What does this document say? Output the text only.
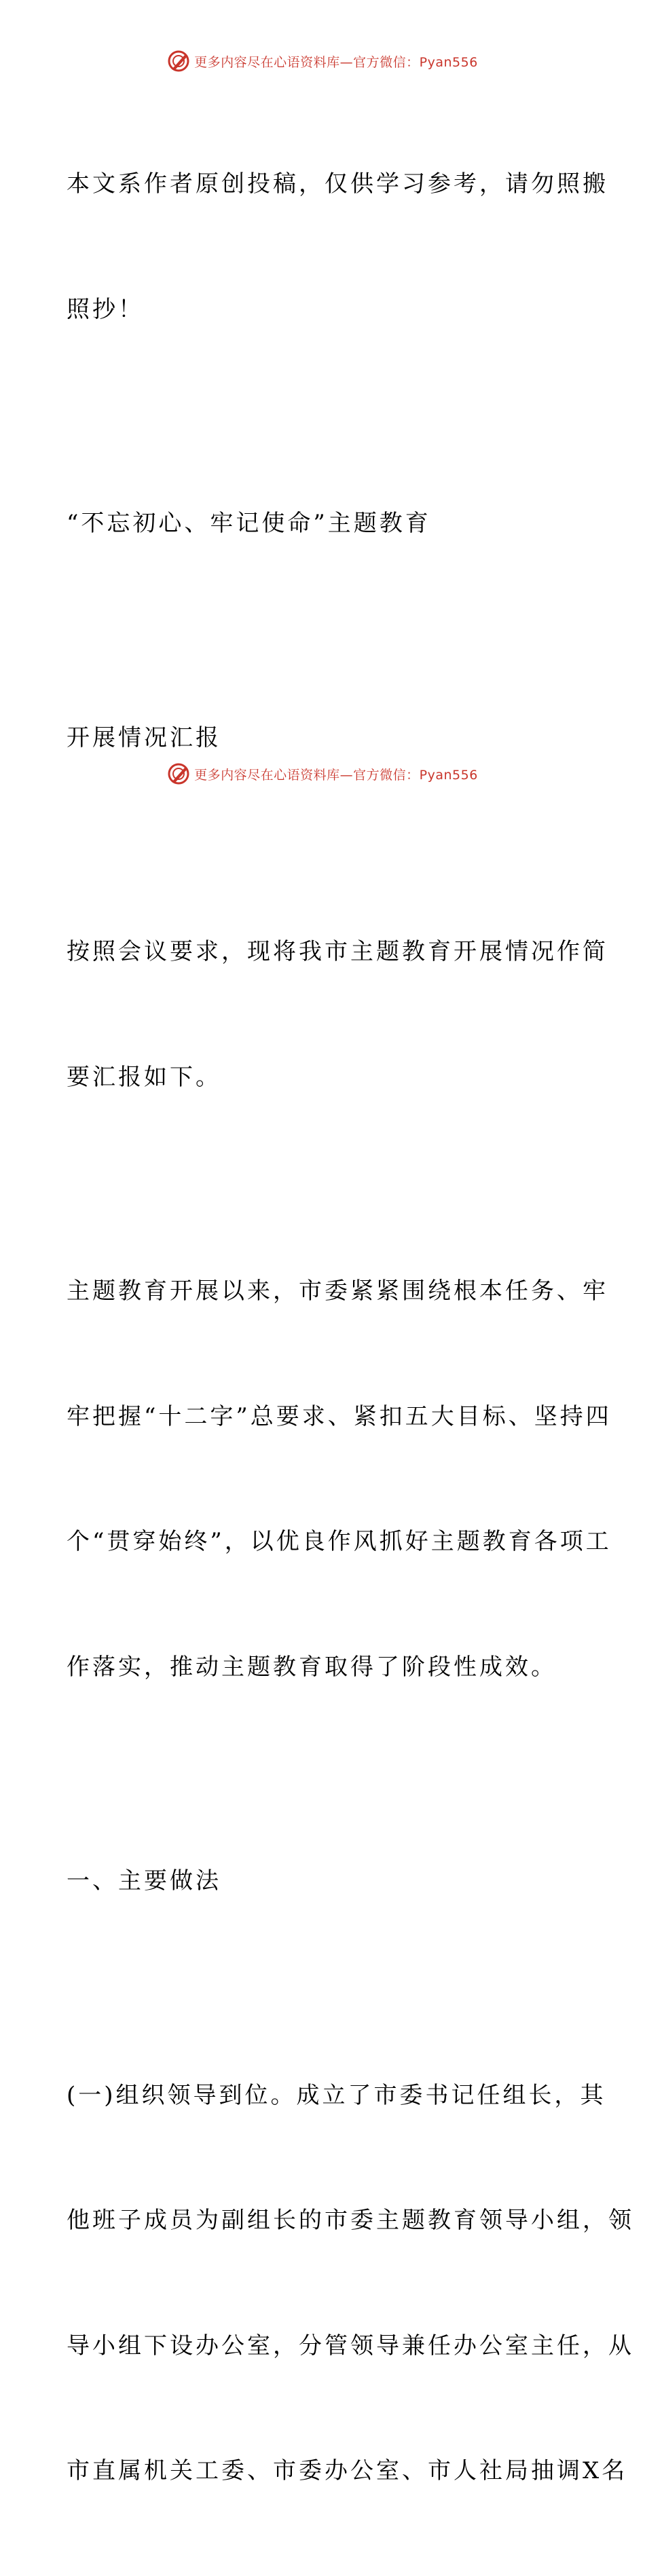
更多内容尽在心语资料库—官方微信：Pyan556

本文系作者原创投稿，仅供学习参考，请勿照搬

照抄！

“不忘初心、牢记使命”主题教育

开展情况汇报

按照会议要求，现将我市主题教育开展情况作简

要汇报如下。

主题教育开展以来，市委紧紧围绕根本任务、牢

牢把握“十二字”总要求、紧扣五大目标、坚持四

个“贯穿始终”，以优良作风抓好主题教育各项工

作落实，推动主题教育取得了阶段性成效。

一、主要做法

(一)组织领导到位。成立了市委书记任组长，其

他班子成员为副组长的市委主题教育领导小组，领

导小组下设办公室，分管领导兼任办公室主任，从

市直属机关工委、市委办公室、市人社局抽调X名

更多内容尽在心语资料库—官方微信：Pyan556
